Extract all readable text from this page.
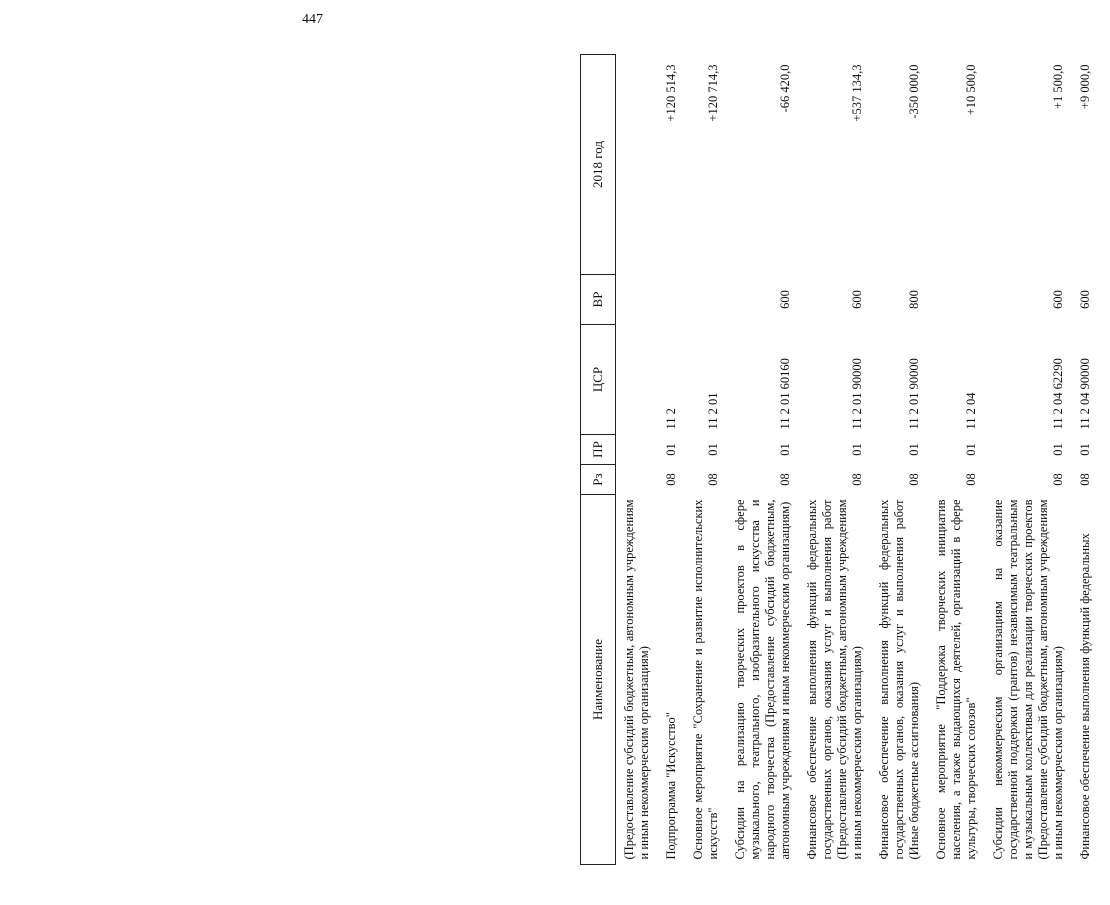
447
Наименование	Рз	ПР	ЦСР	ВР	2018 год
(Предоставление субсидий бюджетным, автономным учреждениям и иным некоммерческим организациям)					
Подпрограмма "Искусство"	08	01	11 2		+120 514,3
Основное мероприятие "Сохранение и развитие исполнительских искусств"	08	01	11 2 01		+120 714,3
Субсидии на реализацию творческих проектов в сфере музыкального, театрального, изобразительного искусства и народного творчества (Предоставление субсидий бюджетным, автономным учреждениям и иным некоммерческим организациям)	08	01	11 2 01 60160	600	-66 420,0
Финансовое обеспечение выполнения функций федеральных государственных органов, оказания услуг и выполнения работ (Предоставление субсидий бюджетным, автономным учреждениям и иным некоммерческим организациям)	08	01	11 2 01 90000	600	+537 134,3
Финансовое обеспечение выполнения функций федеральных государственных органов, оказания услуг и выполнения работ (Иные бюджетные ассигнования)	08	01	11 2 01 90000	800	-350 000,0
Основное мероприятие "Поддержка творческих инициатив населения, а также выдающихся деятелей, организаций в сфере культуры, творческих союзов"	08	01	11 2 04		+10 500,0
Субсидии некоммерческим организациям на оказание государственной поддержки (грантов) независимым театральным и музыкальным коллективам для реализации творческих проектов (Предоставление субсидий бюджетным, автономным учреждениям и иным некоммерческим организациям)	08	01	11 2 04 62290	600	+1 500,0
Финансовое обеспечение выполнения функций федеральных	08	01	11 2 04 90000	600	+9 000,0
